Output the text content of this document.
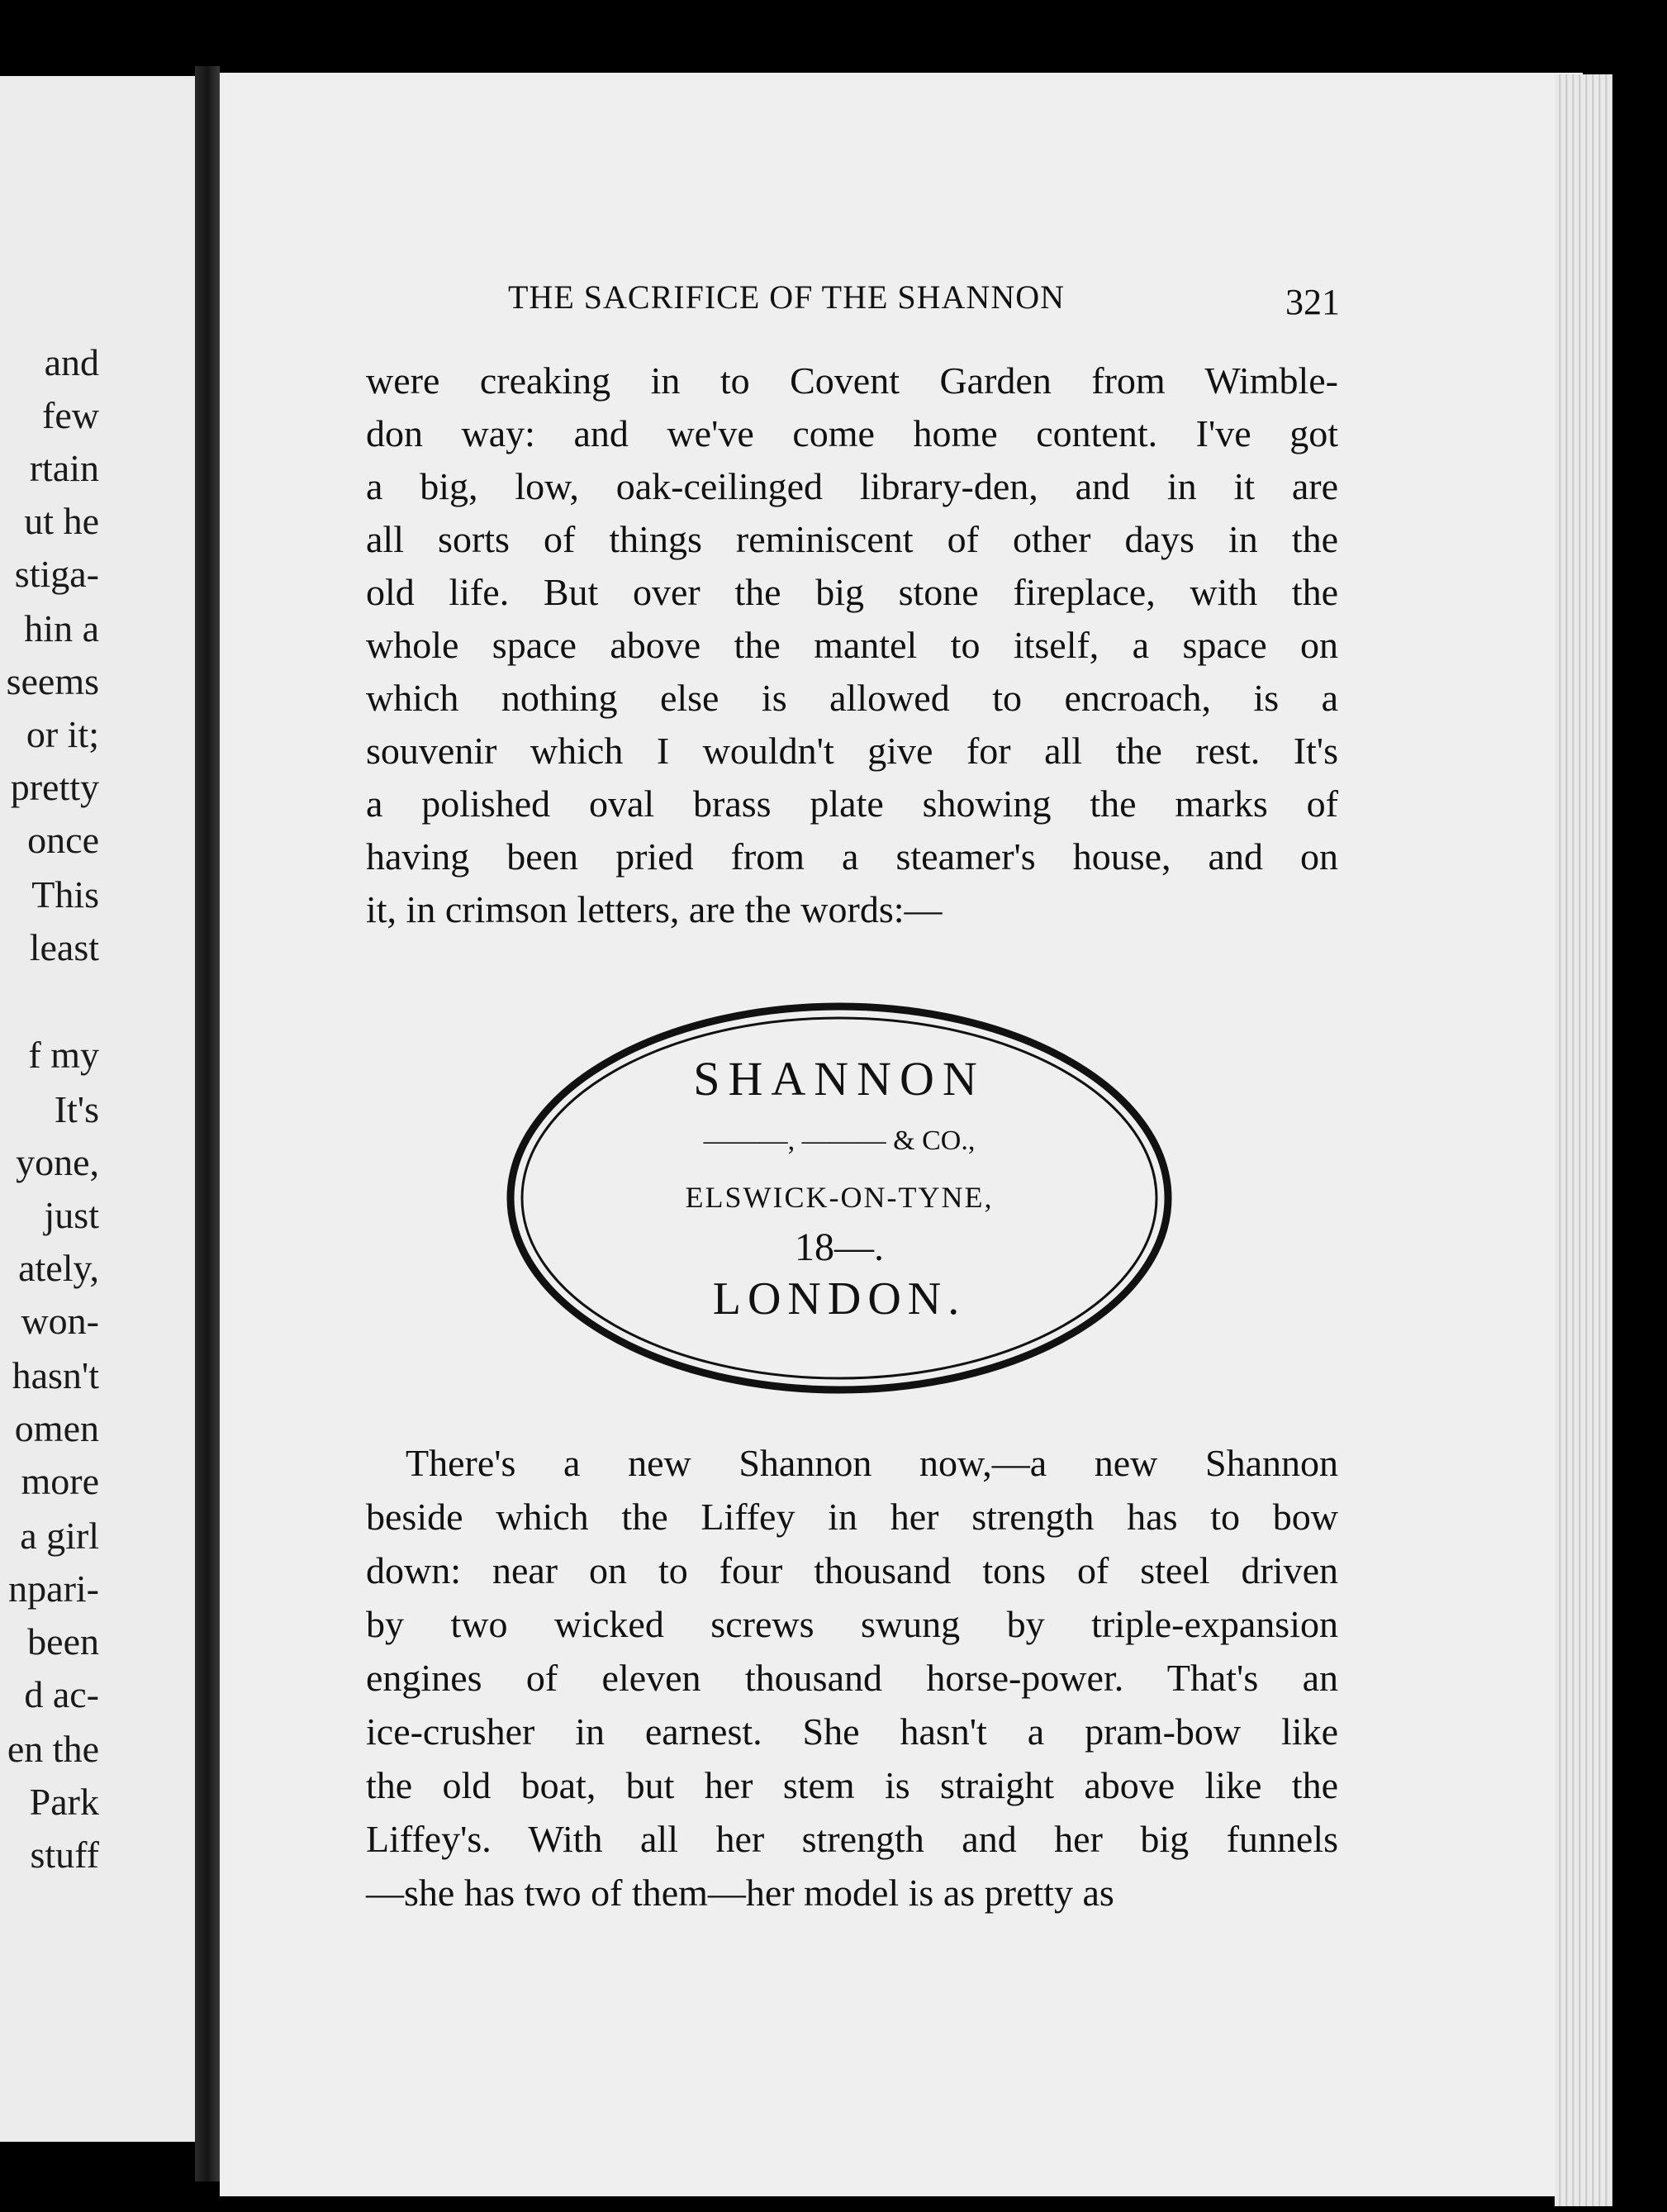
and
few
rtain
ut he
stiga-
hin a
seems
or it;
pretty
once
This
least
f my
It's
yone,
just
ately,
won-
hasn't
omen
more
a girl
npari-
been
d ac-
en the
Park
stuff
THE SACRIFICE OF THE SHANNON	321
were creaking in to Covent Garden from Wimble-
don way: and we've come home content. I've got
a big, low, oak-ceilinged library-den, and in it are
all sorts of things reminiscent of other days in the
old life. But over the big stone fireplace, with the
whole space above the mantel to itself, a space on
which nothing else is allowed to encroach, is a
souvenir which I wouldn't give for all the rest. It's
a polished oval brass plate showing the marks of
having been pried from a steamer's house, and on
it, in crimson letters, are the words:—
SHANNON
———, ——— & CO.,
ELSWICK-ON-TYNE,
18—.
LONDON.
There's a new Shannon now,—a new Shannon
beside which the Liffey in her strength has to bow
down: near on to four thousand tons of steel driven
by two wicked screws swung by triple-expansion
engines of eleven thousand horse-power. That's an
ice-crusher in earnest. She hasn't a pram-bow like
the old boat, but her stem is straight above like the
Liffey's. With all her strength and her big funnels
—she has two of them—her model is as pretty as
